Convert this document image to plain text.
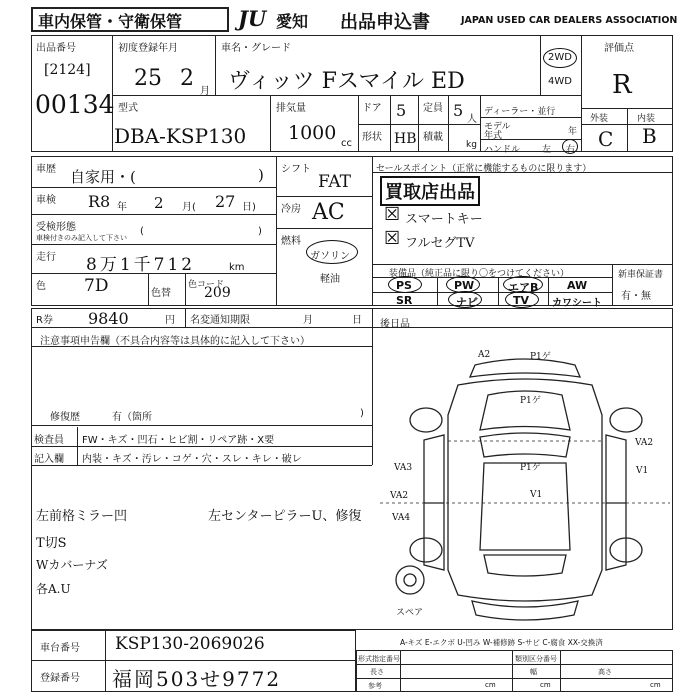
車内保管・守衛保管	JU 愛知 出品申込書	JAPAN USED CAR DEALERS ASSOCIATION
出品番号
[2124]
00134
初度登録年月
25 2
月
車名・グレード
ヴィッツ Fスマイル ED
2WD
4WD
評価点
R
外装	内装
C B
型式
DBA-KSP130
排気量
1000 cc
ドア 5
形状 HB
定員 5 人
積載
kg
ディーラー・並行
モデル
年式	年
ハンドル 左 右
車歴 自家用・(	)
車検 R8 年 2 月( 27 日)
受検形態
車検付きのみ記入して下さい
(	)
走行 8万1千712	km
色 7D	色替
色コード
209
シフト
FAT
冷房 AC
燃料
ガソリン
軽油
セールスポイント（正常に機能するものに限ります）
買取店出品
☒ スマートキー
☒ フルセグTV
装備品（純正品に限り〇をつけてください）
PS	PW	エアB	AW
SR	ナビ	TV カワシート
新車保証書
有・無
R券 9840	円 名変通知期限	月	日 後日品
注意事項申告欄（不具合内容等は具体的に記入して下さい）
修復歴	有（箇所	)
検査員
記入欄
FW・キズ・凹石・ヒビ割・リペア跡・X要
内装・キズ・汚レ・コゲ・穴・スレ・キレ・破レ
左前格ミラー凹	左センターピラーU、修復
T切S
Wカバーナズ
各A.U
A2	P1ゲ
P1ゲ
VA2
VA3	V1
P1ゲ
V1
VA2
VA4
スペア
A-キズ E-エクボ U-凹み W-補修跡 S-サビ C-腐食 XX-交換済
車台番号 KSP130-2069026
登録番号 福岡503せ9772
形式指定番号	類別区分番号
長さ	幅	高さ
参考	cm	cm	cm
